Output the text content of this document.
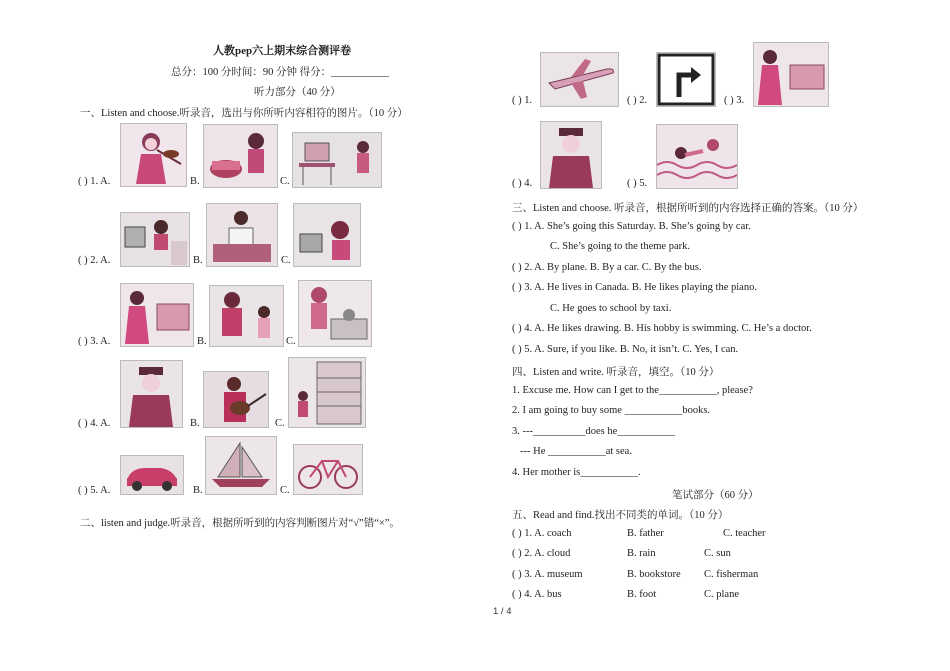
人教pep六上期末综合测评卷
总分：100 分时间：90 分钟 得分：___________
听力部分（40 分）
一、Listen and choose.听录音，选出与你所听内容相符的图片。（10 分）
( ) 1. A.	B.	C.
( ) 2. A.	B.	C.
( ) 3. A.	B.	C.
( ) 4. A.	B.	C.
( ) 5. A.	B.	C.
二、listen and judge.听录音，根据所听到的内容判断图片对“√”错“×”。
( ) 1.	( ) 2.	( ) 3.
( ) 4.	( ) 5.
三、Listen and choose. 听录音，根据所听到的内容选择正确的答案。（10 分）
( ) 1. A. She’s going this Saturday. B. She’s going by car.
C. She’s going to the theme park.
( ) 2. A. By plane. B. By a car. C. By the bus.
( ) 3. A. He lives in Canada. B. He likes playing the piano.
C. He goes to school by taxi.
( ) 4. A. He likes drawing. B. His hobby is swimming. C. He’s a doctor.
( ) 5. A. Sure, if you like. B. No, it isn’t. C. Yes, I can.
四、Listen and write. 听录音，填空。（10 分）
1. Excuse me. How can I get to the___________, please?
2. I am going to buy some ___________books.
3. ---__________does he___________
--- He ___________at sea.
4. Her mother is___________.
笔试部分（60 分）
五、Read and find.找出不同类的单词。（10 分）
( ) 1. A. coach	B. father	C. teacher
( ) 2. A. cloud	B. rain	C. sun
( ) 3. A. museum	B. bookstore C. fisherman
( ) 4. A. bus	B. foot	C. plane
1 / 4
